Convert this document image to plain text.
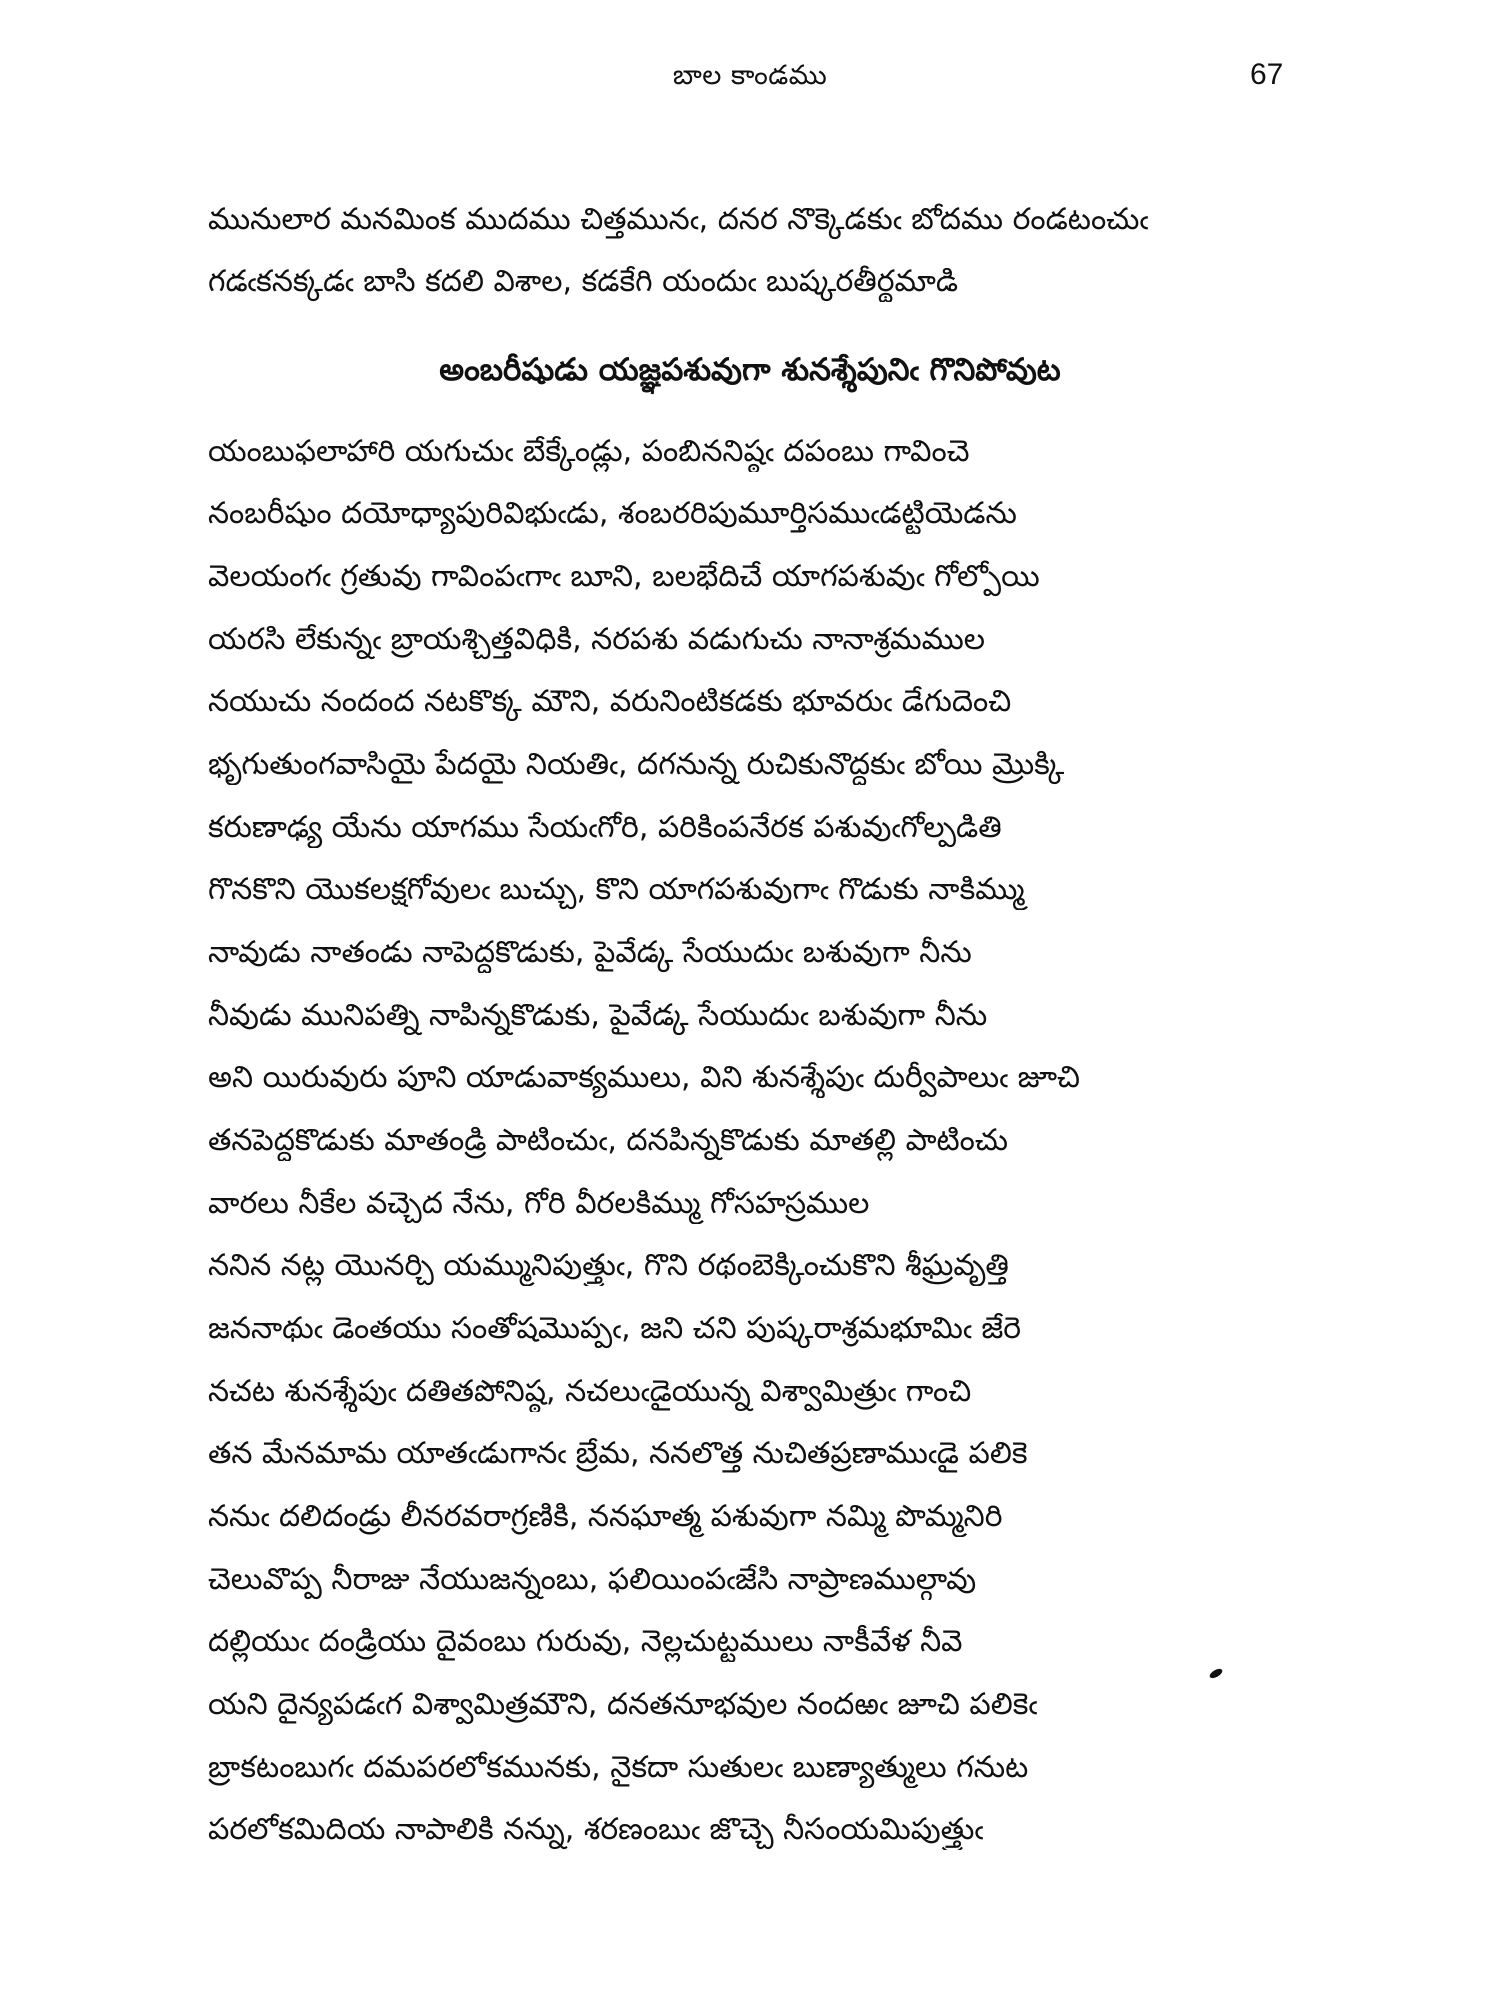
బాల కాండము	67
మునులార మనమింక ముదము చిత్తమునఁ, దనర నొక్కెడకుఁ బోదము రండటంచుఁ
గడఁకనక్కడఁ బాసి కదలి విశాల, కడకేగి యందుఁ బుష్కరతీర్థమాడి
అంబరీషుడు యజ్ఞపశువుగా శునశ్శేపునిఁ గొనిపోవుట
యంబుఫలాహారి యగుచుఁ బేక్కేండ్లు, పంబిననిష్ఠఁ దపంబు గావించె
నంబరీషుం దయోధ్యాపురివిభుఁడు, శంబరరిపుమూర్తిసముఁడట్టియెడను
వెలయంగఁ గ్రతువు గావింపఁగాఁ బూని, బలభేదిచే యాగపశువుఁ గోల్పోయి
యరసి లేకున్నఁ బ్రాయశ్చిత్తవిధికి, నరపశు వడుగుచు నానాశ్రమముల
నయుచు నందంద నటకొక్క మౌని, వరునింటికడకు భూవరుఁ డేగుదెంచి
భృగుతుంగవాసియై పేదయై నియతిఁ, దగనున్న రుచికునొద్దకుఁ బోయి మ్రొక్కి
కరుణాఢ్య యేను యాగము సేయఁగోరి, పరికింపనేరక పశువుఁగోల్పడితి
గొనకొని యొకలక్షగోవులఁ బుచ్చు, కొని యాగపశువుగాఁ గొడుకు నాకిమ్ము
నావుడు నాతండు నాపెద్దకొడుకు, పైవేడ్క సేయుదుఁ బశువుగా నీను
నీవుడు మునిపత్ని నాపిన్నకొడుకు, పైవేడ్క సేయుదుఁ బశువుగా నీను
అని యిరువురు పూని యాడువాక్యములు, విని శునశ్శేపుఁ దుర్వీపాలుఁ జూచి
తనపెద్దకొడుకు మాతండ్రి పాటించుఁ, దనపిన్నకొడుకు మాతల్లి పాటించు
వారలు నీకేల వచ్చెద నేను, గోరి వీరలకిమ్ము గోసహస్రముల
ననిన నట్ల యొనర్చి యమ్మునిపుత్త్రుఁ, గొని రథంబెక్కించుకొని శీఘ్రవృత్తి
జననాథుఁ డెంతయు సంతోషమొప్పఁ, జని చని పుష్కరాశ్రమభూమిఁ జేరె
నచట శునశ్శేపుఁ దతితపోనిష్ఠ, నచలుఁడైయున్న విశ్వామిత్రుఁ గాంచి
తన మేనమామ యాతఁడుగానఁ బ్రేమ, ననలొత్త నుచితప్రణాముఁడై పలికె
ననుఁ దలిదండ్రు లీనరవరాగ్రణికి, ననఘాత్మ పశువుగా నమ్మి పొమ్మనిరి
చెలువొప్ప నీరాజు నేయుజన్నంబు, ఫలియింపఁజేసి నాప్రాణముల్గావు
దల్లియుఁ దండ్రియు దైవంబు గురువు, నెల్లచుట్టములు నాకీవేళ నీవె
యని దైన్యపడఁగ విశ్వామిత్రమౌని, దనతనూభవుల నందఱఁ జూచి పలికెఁ
బ్రాకటంబుగఁ దమపరలోకమునకు, నైకదా సుతులఁ బుణ్యాత్ములు గనుట
పరలోకమిదియ నాపాలికి నన్ను, శరణంబుఁ జొచ్చె నీసంయమిపుత్త్రుఁ
